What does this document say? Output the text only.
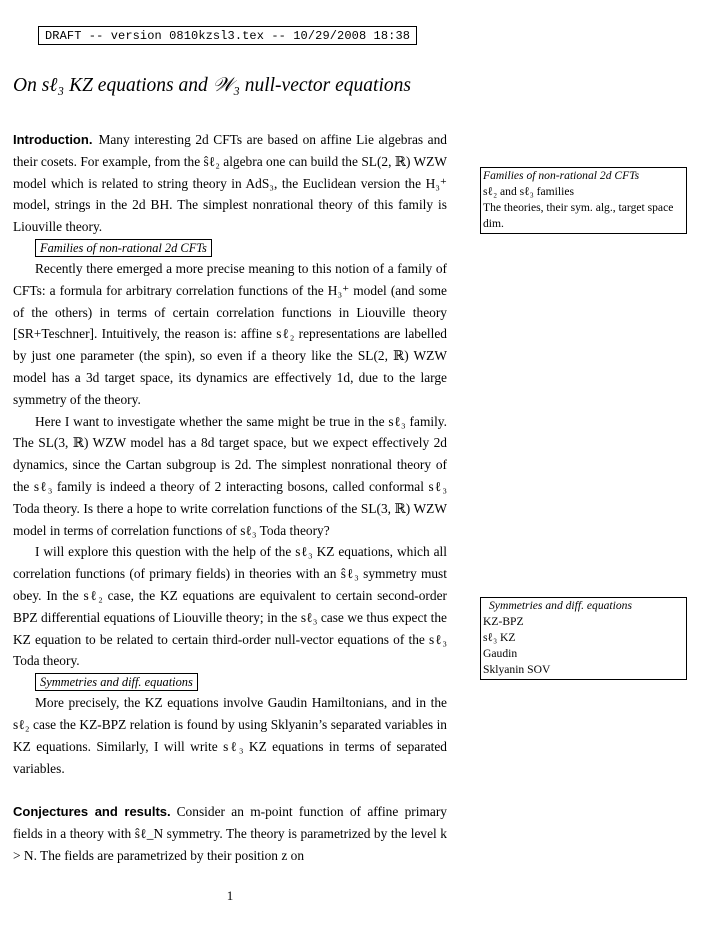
DRAFT -- version 0810kzsl3.tex -- 10/29/2008 18:38
On sℓ₃ KZ equations and 𝒲₃ null-vector equations

Introduction. Many interesting 2d CFTs are based on affine Lie algebras and their cosets. For example, from the ŝℓ₂ algebra one can build the SL(2, ℝ) WZW model which is related to string theory in AdS₃, the Euclidean version the H₃⁺ model, strings in the 2d BH. The simplest nonrational theory of this family is Liouville theory.

Families of non-rational 2d CFTs

Recently there emerged a more precise meaning to this notion of a family of CFTs: a formula for arbitrary correlation functions of the H₃⁺ model (and some of the others) in terms of certain correlation functions in Liouville theory [SR+Teschner]. Intuitively, the reason is: affine sℓ₂ representations are labelled by just one parameter (the spin), so even if a theory like the SL(2, ℝ) WZW model has a 3d target space, its dynamics are effectively 1d, due to the large symmetry of the theory.

Here I want to investigate whether the same might be true in the sℓ₃ family. The SL(3, ℝ) WZW model has a 8d target space, but we expect effectively 2d dynamics, since the Cartan subgroup is 2d. The simplest nonrational theory of the sℓ₃ family is indeed a theory of 2 interacting bosons, called conformal sℓ₃ Toda theory. Is there a hope to write correlation functions of the SL(3, ℝ) WZW model in terms of correlation functions of sℓ₃ Toda theory?

I will explore this question with the help of the sℓ₃ KZ equations, which all correlation functions (of primary fields) in theories with an ŝℓ₃ symmetry must obey. In the sℓ₂ case, the KZ equations are equivalent to certain second-order BPZ differential equations of Liouville theory; in the sℓ₃ case we thus expect the KZ equation to be related to certain third-order null-vector equations of the sℓ₃ Toda theory.

Symmetries and diff. equations

More precisely, the KZ equations involve Gaudin Hamiltonians, and in the sℓ₂ case the KZ-BPZ relation is found by using Sklyanin’s separated variables in KZ equations. Similarly, I will write sℓ₃ KZ equations in terms of separated variables.

Conjectures and results. Consider an m-point function of affine primary fields in a theory with ŝℓ_N symmetry. The theory is parametrized by the level k > N. The fields are parametrized by their position z on

Families of non-rational 2d CFTs
sℓ₂ and sℓ₃ families
The theories, their sym. alg., target space dim.
Symmetries and diff. equations
KZ-BPZ
sℓ₃ KZ
Gaudin
Sklyanin SOV
1
